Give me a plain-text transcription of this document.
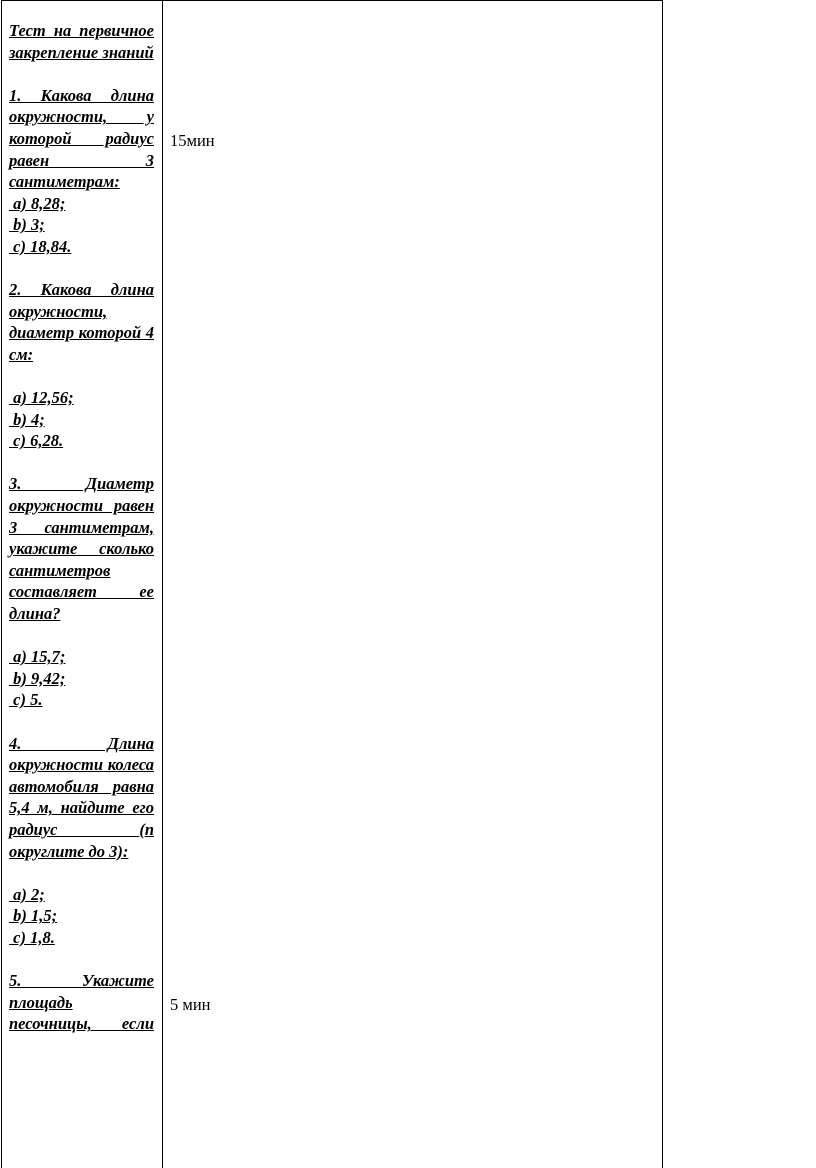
Тест на первичное закрепление знаний

1. Какова длина окружности, у которой радиус равен 3 сантиметрам:

a) 8,28;

b) 3;

c) 18,84.

2. Какова длина окружности, диаметр которой 4 см:

a) 12,56;

b) 4;

c) 6,28.

3. Диаметр окружности равен 3 сантиметрам, укажите сколько сантиметров составляет ее длина?

a) 15,7;

b) 9,42;

c) 5.

4. Длина окружности колеса автомобиля равна 5,4 м, найдите его радиус (п округлите до 3):

a) 2;

b) 1,5;

c) 1,8.

5. Укажите площадь песочницы, если

15мин
5 мин
